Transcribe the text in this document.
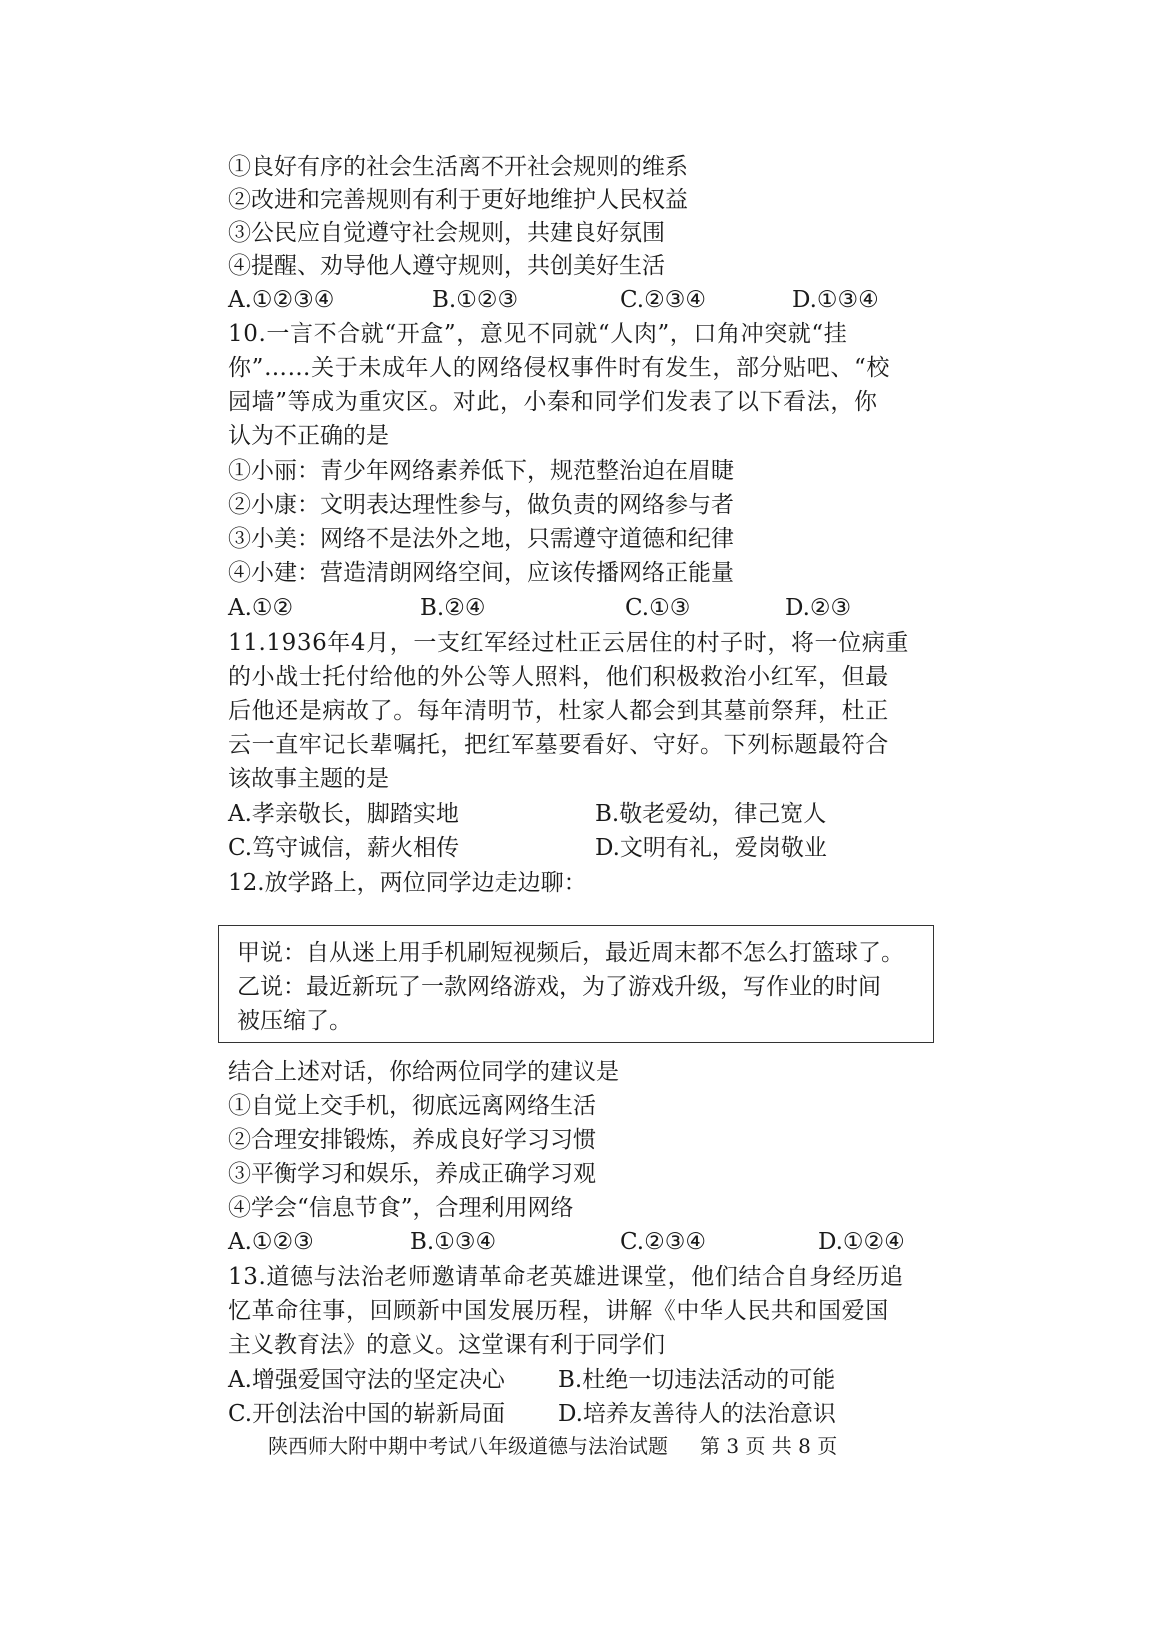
①良好有序的社会生活离不开社会规则的维系
②改进和完善规则有利于更好地维护人民权益
③公民应自觉遵守社会规则，共建良好氛围
④提醒、劝导他人遵守规则，共创美好生活
A.①②③④	B.①②③	C.②③④	D.①③④
10.一言不合就“开盒”，意见不同就“人肉”，口角冲突就“挂
你”……关于未成年人的网络侵权事件时有发生，部分贴吧、“校
园墙”等成为重灾区。对此，小秦和同学们发表了以下看法，你
认为不正确的是
①小丽：青少年网络素养低下，规范整治迫在眉睫
②小康：文明表达理性参与，做负责的网络参与者
③小美：网络不是法外之地，只需遵守道德和纪律
④小建：营造清朗网络空间，应该传播网络正能量
A.①②	B.②④	C.①③	D.②③
11.1936年4月，一支红军经过杜正云居住的村子时，将一位病重
的小战士托付给他的外公等人照料，他们积极救治小红军，但最
后他还是病故了。每年清明节，杜家人都会到其墓前祭拜，杜正
云一直牢记长辈嘱托，把红军墓要看好、守好。下列标题最符合
该故事主题的是
A.孝亲敬长，脚踏实地	B.敬老爱幼，律己宽人
C.笃守诚信，薪火相传	D.文明有礼，爱岗敬业
12.放学路上，两位同学边走边聊：
甲说：自从迷上用手机刷短视频后，最近周末都不怎么打篮球了。
乙说：最近新玩了一款网络游戏，为了游戏升级，写作业的时间
被压缩了。
结合上述对话，你给两位同学的建议是
①自觉上交手机，彻底远离网络生活
②合理安排锻炼，养成良好学习习惯
③平衡学习和娱乐，养成正确学习观
④学会“信息节食”，合理利用网络
A.①②③	B.①③④	C.②③④	D.①②④
13.道德与法治老师邀请革命老英雄进课堂，他们结合自身经历追
忆革命往事，回顾新中国发展历程，讲解《中华人民共和国爱国
主义教育法》的意义。这堂课有利于同学们
A.增强爱国守法的坚定决心 B.杜绝一切违法活动的可能
C.开创法治中国的崭新局面 D.培养友善待人的法治意识
陕西师大附中期中考试八年级道德与法治试题 第 3 页 共 8 页
